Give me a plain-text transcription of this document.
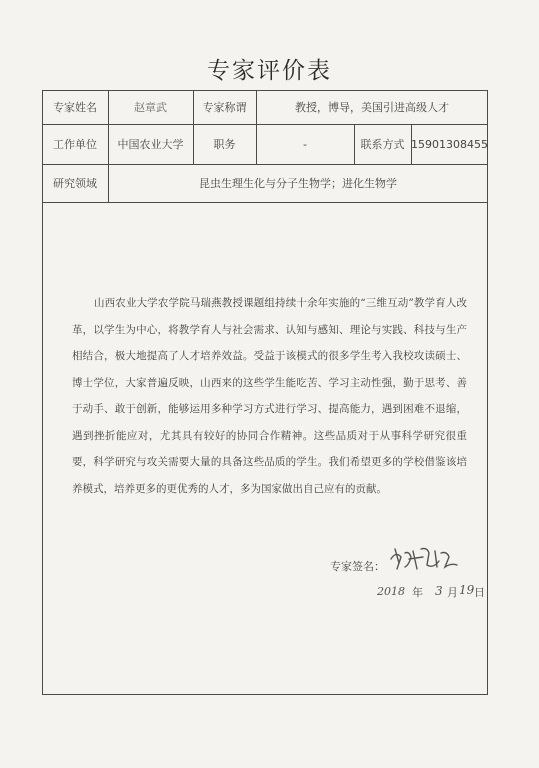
专家评价表
专家姓名	赵章武	专家称谓	教授，博导，美国引进高级人才
工作单位	中国农业大学	职务	-	联系方式 15901308455
研究领域	昆虫生理生化与分子生物学；进化生物学

山西农业大学农学院马瑞燕教授课题组持续十余年实施的“三维互动”教学育人改革，以学生为中心，将教学育人与社会需求、认知与感知、理论与实践、科技与生产相结合，极大地提高了人才培养效益。受益于该模式的很多学生考入我校攻读硕士、博士学位，大家普遍反映，山西来的这些学生能吃苦、学习主动性强，勤于思考、善于动手、敢于创新，能够运用多种学习方式进行学习、提高能力，遇到困难不退缩，遇到挫折能应对，尤其具有较好的协同合作精神。这些品质对于从事科学研究很重要，科学研究与攻关需要大量的具备这些品质的学生。我们希望更多的学校借鉴该培养模式，培养更多的更优秀的人才，多为国家做出自己应有的贡献。

专家签名：
2018 年 3 月 19 日
